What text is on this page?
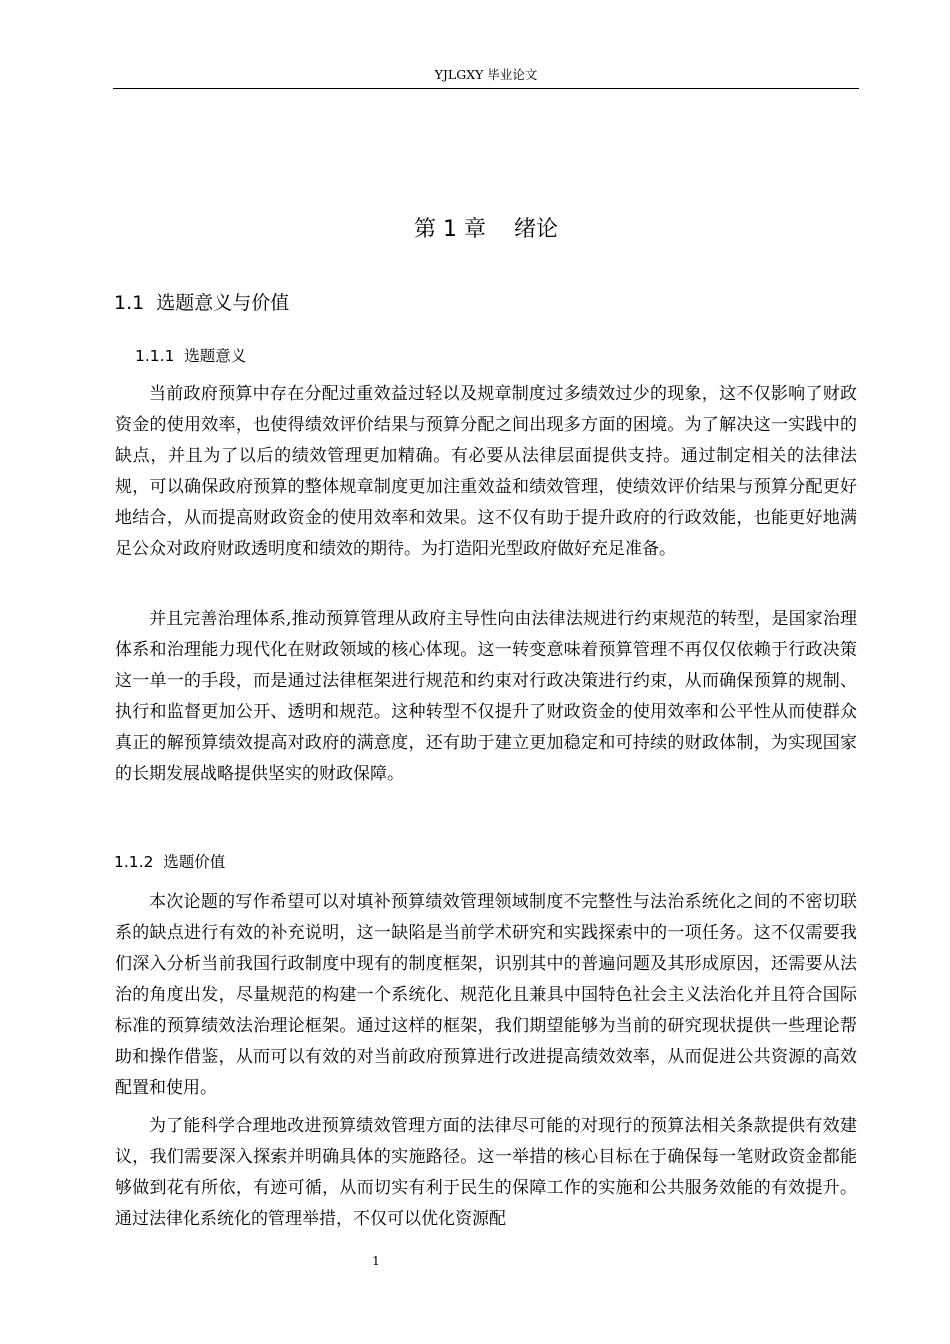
YJLGXY 毕业论文
第 1 章    绪论
1.1  选题意义与价值
1.1.1  选题意义

当前政府预算中存在分配过重效益过轻以及规章制度过多绩效过少的现象，这不仅影响了财政资金的使用效率，也使得绩效评价结果与预算分配之间出现多方面的困境。为了解决这一实践中的缺点，并且为了以后的绩效管理更加精确。有必要从法律层面提供支持。通过制定相关的法律法规，可以确保政府预算的整体规章制度更加注重效益和绩效管理，使绩效评价结果与预算分配更好地结合，从而提高财政资金的使用效率和效果。这不仅有助于提升政府的行政效能，也能更好地满足公众对政府财政透明度和绩效的期待。为打造阳光型政府做好充足准备。

并且完善治理体系,推动预算管理从政府主导性向由法律法规进行约束规范的转型，是国家治理体系和治理能力现代化在财政领域的核心体现。这一转变意味着预算管理不再仅仅依赖于行政决策这一单一的手段，而是通过法律框架进行规范和约束对行政决策进行约束，从而确保预算的规制、执行和监督更加公开、透明和规范。这种转型不仅提升了财政资金的使用效率和公平性从而使群众真正的解预算绩效提高对政府的满意度，还有助于建立更加稳定和可持续的财政体制，为实现国家的长期发展战略提供坚实的财政保障。

1.1.2  选题价值

本次论题的写作希望可以对填补预算绩效管理领域制度不完整性与法治系统化之间的不密切联系的缺点进行有效的补充说明，这一缺陷是当前学术研究和实践探索中的一项任务。这不仅需要我们深入分析当前我国行政制度中现有的制度框架，识别其中的普遍问题及其形成原因，还需要从法治的角度出发，尽量规范的构建一个系统化、规范化且兼具中国特色社会主义法治化并且符合国际标准的预算绩效法治理论框架。通过这样的框架，我们期望能够为当前的研究现状提供一些理论帮助和操作借鉴，从而可以有效的对当前政府预算进行改进提高绩效效率，从而促进公共资源的高效配置和使用。

为了能科学合理地改进预算绩效管理方面的法律尽可能的对现行的预算法相关条款提供有效建议，我们需要深入探索并明确具体的实施路径。这一举措的核心目标在于确保每一笔财政资金都能够做到花有所依，有迹可循，从而切实有利于民生的保障工作的实施和公共服务效能的有效提升。通过法律化系统化的管理举措，不仅可以优化资源配

1
